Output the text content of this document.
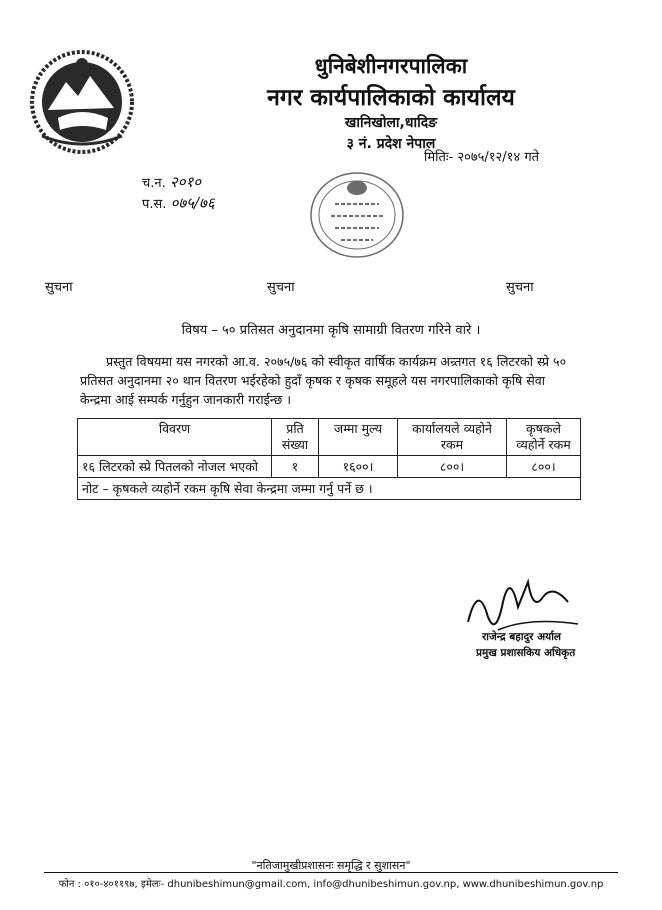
धुनिबेशीनगरपालिका
नगर कार्यपालिकाको कार्यालय
खानिखोला,धादिङ
३ नं. प्रदेश नेपाल
मितिः- २०७५/१२/१४ गते
च.न. २०१०
प.स. ०७५/७६
सुचना	सुचना	सुचना
विषय – ५० प्रतिसत अनुदानमा कृषि सामाग्री वितरण गरिने वारे ।
प्रस्तुत विषयमा यस नगरको आ.व. २०७५/७६ को स्वीकृत वार्षिक कार्यक्रम अन्र्तगत १६ लिटरको स्प्रे ५० प्रतिसत अनुदानमा २० थान वितरण भईरहेको हुदाँ कृषक र कृषक समूहले यस नगरपालिकाको कृषि सेवा केन्द्रमा आई सम्पर्क गर्नुहुन जानकारी गराईन्छ ।
विवरण	प्रति संख्या	जम्मा मुल्य	कार्यालयले व्यहोने रकम	कृषकले व्यहोर्ने रकम
१६ लिटरको स्प्रे पितलको नोजल भएको	१	१६००।	८००।	८००।
नोट – कृषकले व्यहोर्ने रकम कृषि सेवा केन्द्रमा जम्मा गर्नु पर्ने छ ।				
राजेन्द्र बहादुर अर्याल
प्रमुख प्रशासकिय अधिकृत
"नतिजामुखीप्रशासनः समृद्धि र सुशासन"
फोन : ०१०-४०११९७, इमेलः- dhunibeshimun@gmail.com, info@dhunibeshimun.gov.np, www.dhunibeshimun.gov.np
